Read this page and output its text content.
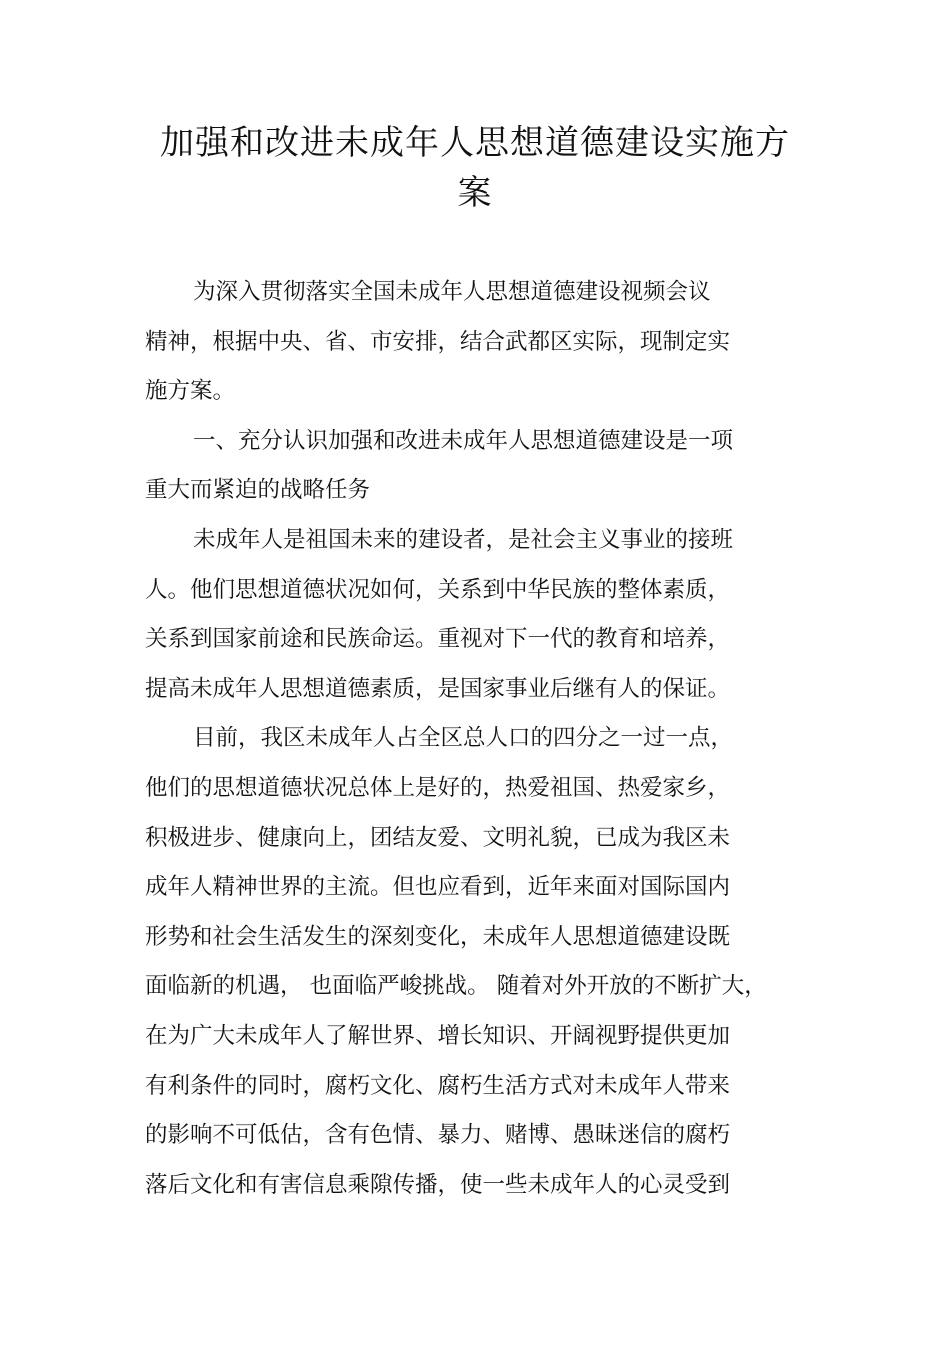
加强和改进未成年人思想道德建设实施方
案
为深入贯彻落实全国未成年人思想道德建设视频会议
精神，根据中央、省、市安排，结合武都区实际，现制定实
施方案。
一、充分认识加强和改进未成年人思想道德建设是一项
重大而紧迫的战略任务
未成年人是祖国未来的建设者，是社会主义事业的接班
人。他们思想道德状况如何，关系到中华民族的整体素质，
关系到国家前途和民族命运。重视对下一代的教育和培养，
提高未成年人思想道德素质，是国家事业后继有人的保证。
目前，我区未成年人占全区总人口的四分之一过一点，
他们的思想道德状况总体上是好的，热爱祖国、热爱家乡，
积极进步、健康向上，团结友爱、文明礼貌，已成为我区未
成年人精神世界的主流。但也应看到，近年来面对国际国内
形势和社会生活发生的深刻变化，未成年人思想道德建设既
面临新的机遇， 也面临严峻挑战。 随着对外开放的不断扩大，
在为广大未成年人了解世界、增长知识、开阔视野提供更加
有利条件的同时，腐朽文化、腐朽生活方式对未成年人带来
的影响不可低估，含有色情、暴力、赌博、愚昧迷信的腐朽
落后文化和有害信息乘隙传播，使一些未成年人的心灵受到
